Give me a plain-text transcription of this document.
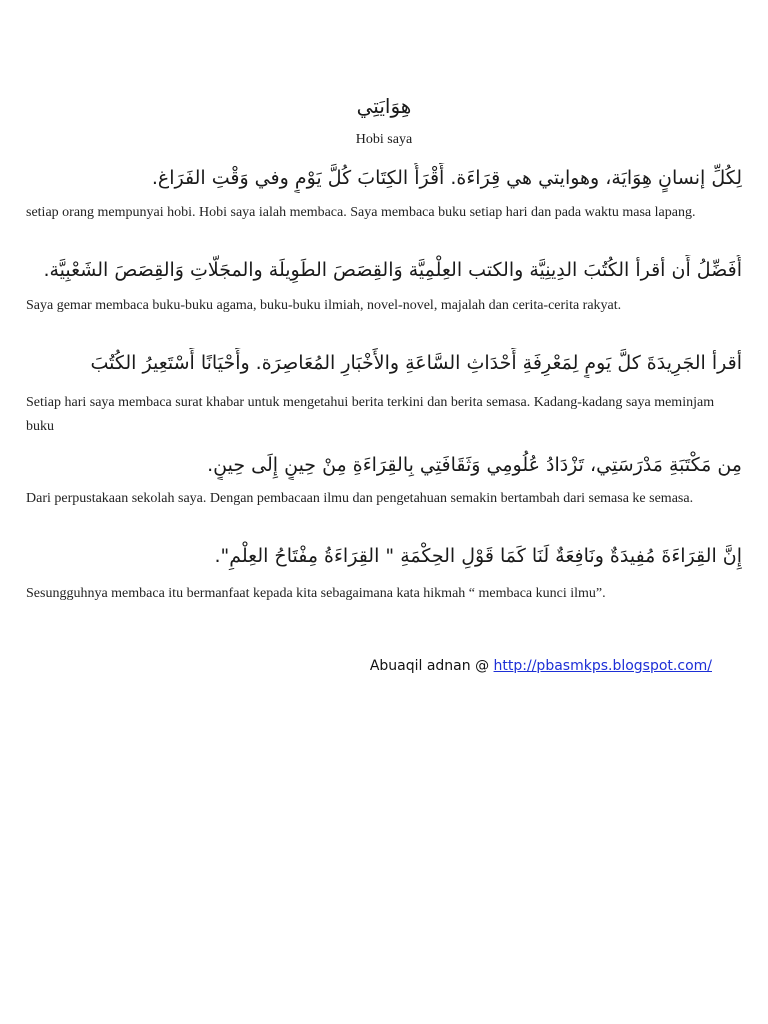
هِوَايَتِي
Hobi saya
لِكُلِّ إنسانٍ هِوَايَة، وهوايتي هي قِرَاءَة. أَقْرَأُ الكِتَابَ كُلَّ يَوْمٍ وفي وَقْتِ الفَرَاغ.
setiap orang mempunyai hobi. Hobi saya ialah membaca. Saya membaca buku setiap hari dan pada waktu masa lapang.
أُفَضِّلُ أَن أقرأ الكُتُبَ الدِينِيَّة والكتب العِلْمِيَّة وَالقِصَصَ الطَوِيلَة والمجَلَّاتِ وَالقِصَصَ الشَعْبِيَّة.
Saya gemar membaca buku-buku agama, buku-buku ilmiah, novel-novel, majalah dan cerita-cerita rakyat.
أقرأ الجَرِيدَةَ كلَّ يَومٍ لِمَعْرِفَةِ أَحْدَاثِ السَّاعَةِ والأَخْبَارِ المُعَاصِرَة. وأَحْيَانًا أَسْتَعِيرُ الكُتُبَ
Setiap hari saya membaca surat khabar untuk mengetahui berita terkini dan berita semasa. Kadang-kadang saya meminjam buku
مِن مَكْتَبَةِ مَدْرَسَتِي، تَزْدَادُ عُلُومِي وَثَقَافَتِي بِالقِرَاءَةِ مِنْ حِينٍ إِلَى حِينٍ.
Dari perpustakaan sekolah saya. Dengan pembacaan ilmu dan pengetahuan semakin bertambah dari semasa ke semasa.
إِنَّ القِرَاءَةَ مُفِيدَةٌ ونَافِعَةٌ لَنَا كَمَا قَوْلِ الحِكْمَةِ " القِرَاءَةُ مِفْتَاحُ العِلْمِ".
Sesungguhnya membaca itu bermanfaat kepada kita sebagaimana kata hikmah “ membaca kunci ilmu”.
Abuaqil adnan @ http://pbasmkps.blogspot.com/
